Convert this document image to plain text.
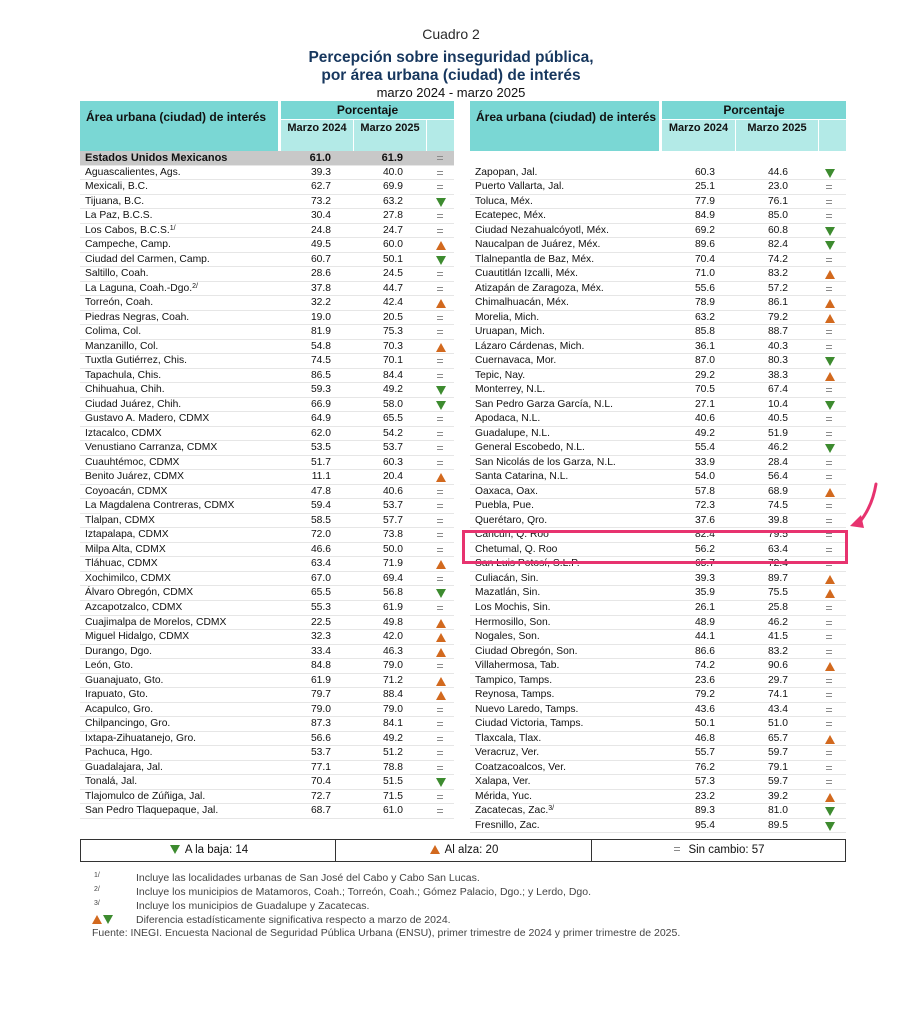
Cuadro 2
Percepción sobre inseguridad pública,
por área urbana (ciudad) de interés
marzo 2024 - marzo 2025
Área urbana (ciudad) de interés	Porcentaje
Marzo 2024	Marzo 2025
Estados Unidos Mexicanos	61.0	61.9
Aguascalientes, Ags.	39.3	40.0
Mexicali, B.C.	62.7	69.9
Tijuana, B.C.	73.2	63.2
La Paz, B.C.S.	30.4	27.8
Los Cabos, B.C.S.$^{1/}$	24.8	24.7
Campeche, Camp.	49.5	60.0
Ciudad del Carmen, Camp.	60.7	50.1
Saltillo, Coah.	28.6	24.5
La Laguna, Coah.-Dgo.$^{2/}$	37.8	44.7
Torreón, Coah.	32.2	42.4
Piedras Negras, Coah.	19.0	20.5
Colima, Col.	81.9	75.3
Manzanillo, Col.	54.8	70.3
Tuxtla Gutiérrez, Chis.	74.5	70.1
Tapachula, Chis.	86.5	84.4
Chihuahua, Chih.	59.3	49.2
Ciudad Juárez, Chih.	66.9	58.0
Gustavo A. Madero, CDMX	64.9	65.5
Iztacalco, CDMX	62.0	54.2
Venustiano Carranza, CDMX	53.5	53.7
Cuauhtémoc, CDMX	51.7	60.3
Benito Juárez, CDMX	11.1	20.4
Coyoacán, CDMX	47.8	40.6
La Magdalena Contreras, CDMX	59.4	53.7
Tlalpan, CDMX	58.5	57.7
Iztapalapa, CDMX	72.0	73.8
Milpa Alta, CDMX	46.6	50.0
Tláhuac, CDMX	63.4	71.9
Xochimilco, CDMX	67.0	69.4
Álvaro Obregón, CDMX	65.5	56.8
Azcapotzalco, CDMX	55.3	61.9
Cuajimalpa de Morelos, CDMX	22.5	49.8
Miguel Hidalgo, CDMX	32.3	42.0
Durango, Dgo.	33.4	46.3
León, Gto.	84.8	79.0
Guanajuato, Gto.	61.9	71.2
Irapuato, Gto.	79.7	88.4
Acapulco, Gro.	79.0	79.0
Chilpancingo, Gro.	87.3	84.1
Ixtapa-Zihuatanejo, Gro.	56.6	49.2
Pachuca, Hgo.	53.7	51.2
Guadalajara, Jal.	77.1	78.8
Tonalá, Jal.	70.4	51.5
Tlajomulco de Zúñiga, Jal.	72.7	71.5
San Pedro Tlaquepaque, Jal.	68.7	61.0
Área urbana (ciudad) de interés	Porcentaje
Marzo 2024	Marzo 2025
Zapopan, Jal.	60.3	44.6
Puerto Vallarta, Jal.	25.1	23.0
Toluca, Méx.	77.9	76.1
Ecatepec, Méx.	84.9	85.0
Ciudad Nezahualcóyotl, Méx.	69.2	60.8
Naucalpan de Juárez, Méx.	89.6	82.4
Tlalnepantla de Baz, Méx.	70.4	74.2
Cuautitlán Izcalli, Méx.	71.0	83.2
Atizapán de Zaragoza, Méx.	55.6	57.2
Chimalhuacán, Méx.	78.9	86.1
Morelia, Mich.	63.2	79.2
Uruapan, Mich.	85.8	88.7
Lázaro Cárdenas, Mich.	36.1	40.3
Cuernavaca, Mor.	87.0	80.3
Tepic, Nay.	29.2	38.3
Monterrey, N.L.	70.5	67.4
San Pedro Garza García, N.L.	27.1	10.4
Apodaca, N.L.	40.6	40.5
Guadalupe, N.L.	49.2	51.9
General Escobedo, N.L.	55.4	46.2
San Nicolás de los Garza, N.L.	33.9	28.4
Santa Catarina, N.L.	54.0	56.4
Oaxaca, Oax.	57.8	68.9
Puebla, Pue.	72.3	74.5
Querétaro, Qro.	37.6	39.8
Cancún, Q. Roo	82.4	79.5
Chetumal, Q. Roo	56.2	63.4
San Luis Potosí, S.L.P.	65.7	72.4
Culiacán, Sin.	39.3	89.7
Mazatlán, Sin.	35.9	75.5
Los Mochis, Sin.	26.1	25.8
Hermosillo, Son.	48.9	46.2
Nogales, Son.	44.1	41.5
Ciudad Obregón, Son.	86.6	83.2
Villahermosa, Tab.	74.2	90.6
Tampico, Tamps.	23.6	29.7
Reynosa, Tamps.	79.2	74.1
Nuevo Laredo, Tamps.	43.6	43.4
Ciudad Victoria, Tamps.	50.1	51.0
Tlaxcala, Tlax.	46.8	65.7
Veracruz, Ver.	55.7	59.7
Coatzacoalcos, Ver.	76.2	79.1
Xalapa, Ver.	57.3	59.7
Mérida, Yuc.	23.2	39.2
Zacatecas, Zac.$^{3/}$	89.3	81.0
Fresnillo, Zac.	95.4	89.5
A la baja: 14	Al alza: 20	Sin cambio: 57
1/	Incluye las localidades urbanas de San José del Cabo y Cabo San Lucas.
2/	Incluye los municipios de Matamoros, Coah.; Torreón, Coah.; Gómez Palacio, Dgo.; y Lerdo, Dgo.
3/	Incluye los municipios de Guadalupe y Zacatecas.
Diferencia estadísticamente significativa respecto a marzo de 2024.
Fuente: INEGI. Encuesta Nacional de Seguridad Pública Urbana (ENSU), primer trimestre de 2024 y primer trimestre de 2025.
